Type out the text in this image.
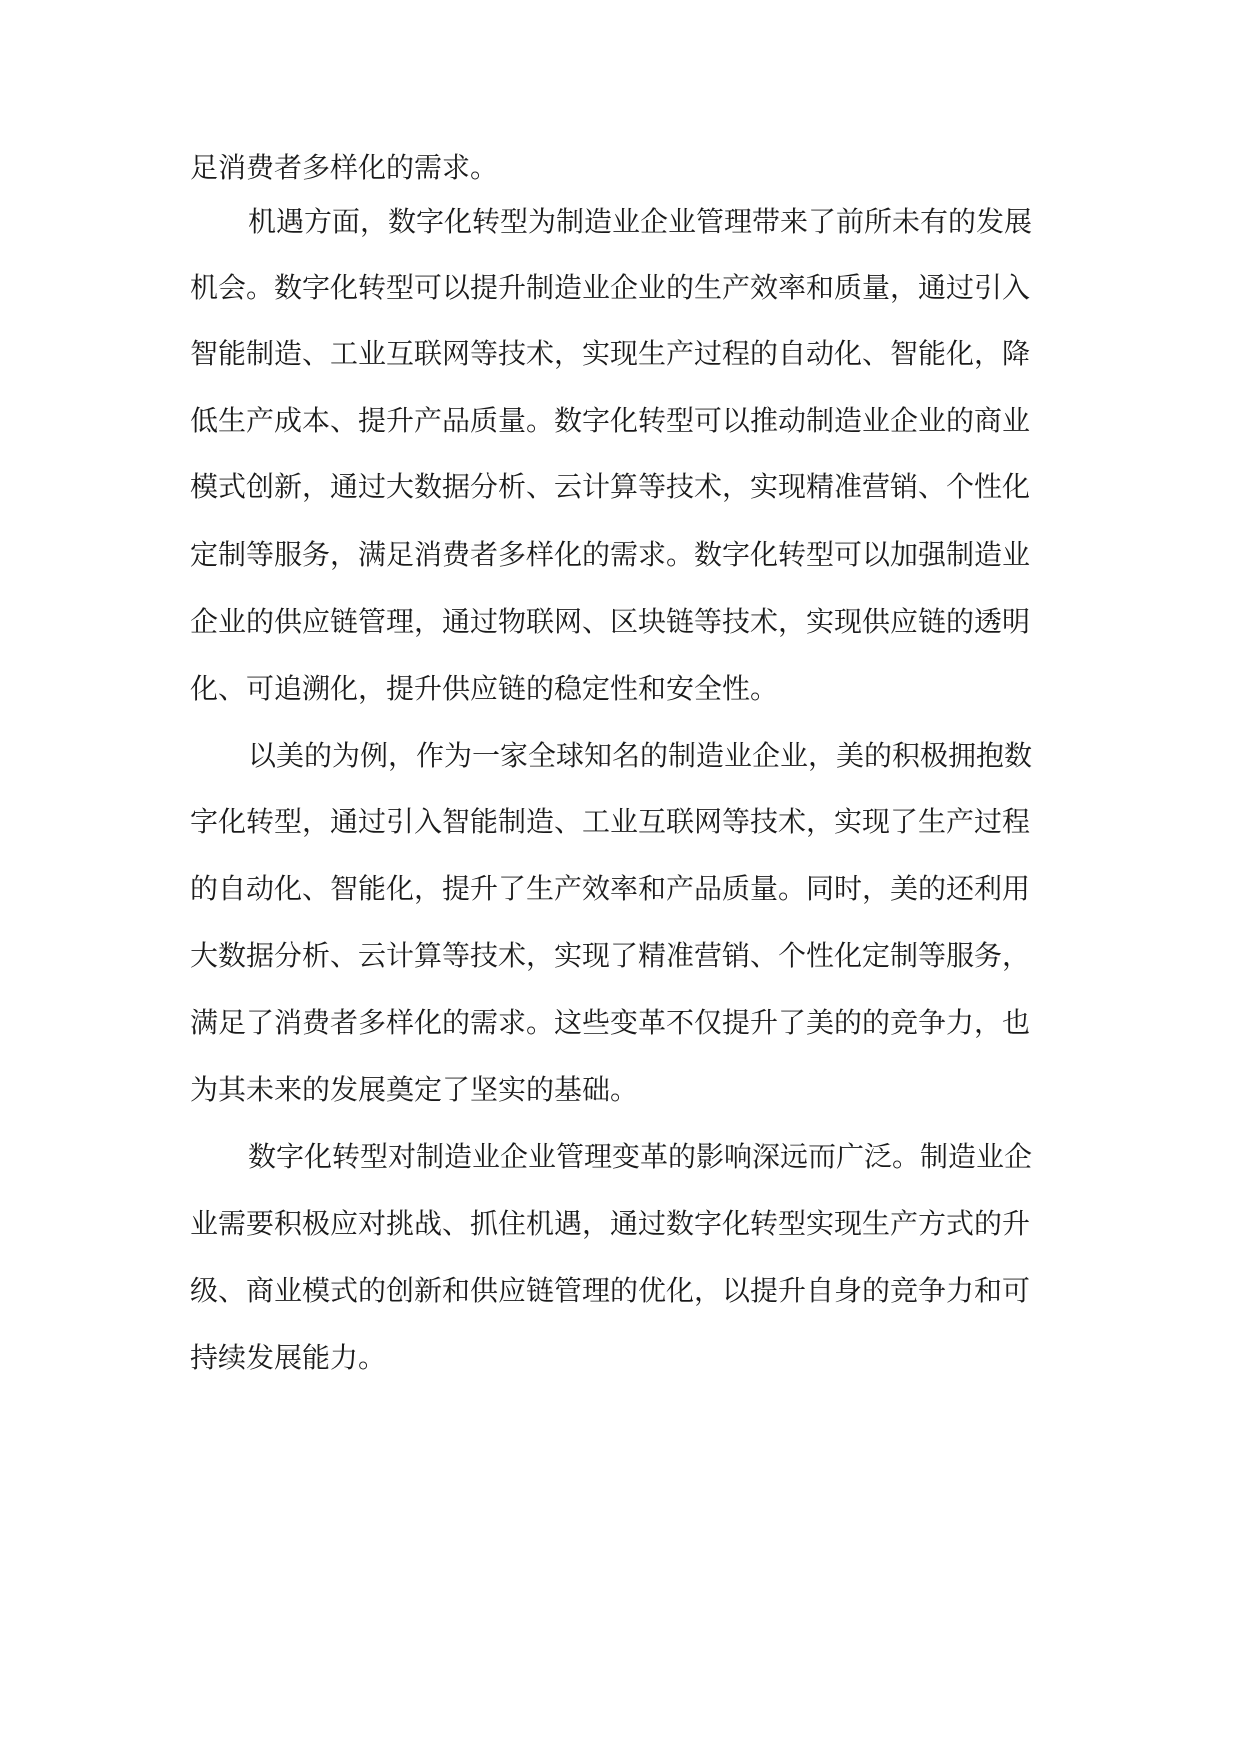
足消费者多样化的需求。

机遇方面，数字化转型为制造业企业管理带来了前所未有的发展

机会。数字化转型可以提升制造业企业的生产效率和质量，通过引入

智能制造、工业互联网等技术，实现生产过程的自动化、智能化，降

低生产成本、提升产品质量。数字化转型可以推动制造业企业的商业

模式创新，通过大数据分析、云计算等技术，实现精准营销、个性化

定制等服务，满足消费者多样化的需求。数字化转型可以加强制造业

企业的供应链管理，通过物联网、区块链等技术，实现供应链的透明

化、可追溯化，提升供应链的稳定性和安全性。

以美的为例，作为一家全球知名的制造业企业，美的积极拥抱数

字化转型，通过引入智能制造、工业互联网等技术，实现了生产过程

的自动化、智能化，提升了生产效率和产品质量。同时，美的还利用

大数据分析、云计算等技术，实现了精准营销、个性化定制等服务，

满足了消费者多样化的需求。这些变革不仅提升了美的的竞争力，也

为其未来的发展奠定了坚实的基础。

数字化转型对制造业企业管理变革的影响深远而广泛。制造业企

业需要积极应对挑战、抓住机遇，通过数字化转型实现生产方式的升

级、商业模式的创新和供应链管理的优化，以提升自身的竞争力和可

持续发展能力。
